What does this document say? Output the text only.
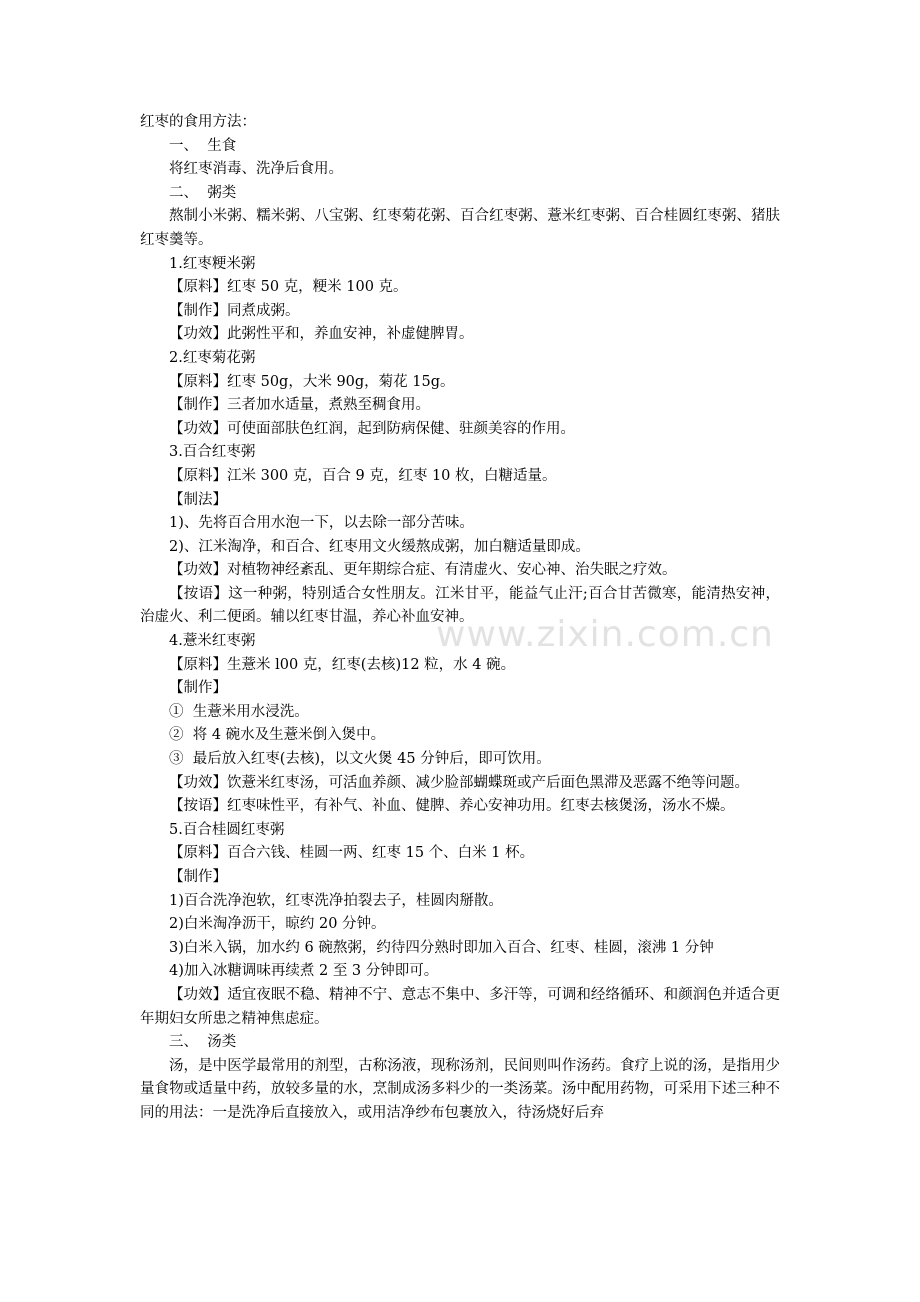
红枣的食用方法：
一、  生食
将红枣消毒、洗净后食用。
二、  粥类
熬制小米粥、糯米粥、八宝粥、红枣菊花粥、百合红枣粥、薏米红枣粥、百合桂圆红枣粥、猪肤红枣羹等。
1.红枣粳米粥
【原料】红枣 50 克，粳米 100 克。
【制作】同煮成粥。
【功效】此粥性平和，养血安神，补虚健脾胃。
2.红枣菊花粥
【原料】红枣 50g，大米 90g，菊花 15g。
【制作】三者加水适量，煮熟至稠食用。
【功效】可使面部肤色红润，起到防病保健、驻颜美容的作用。
3.百合红枣粥
【原料】江米 300 克，百合 9 克，红枣 10 枚，白糖适量。
【制法】
1)、先将百合用水泡一下，以去除一部分苦味。
2)、江米淘净，和百合、红枣用文火缓熬成粥，加白糖适量即成。
【功效】对植物神经紊乱、更年期综合症、有清虚火、安心神、治失眠之疗效。
【按语】这一种粥，特别适合女性朋友。江米甘平，能益气止汗;百合甘苦微寒，能清热安神，治虚火、利二便函。辅以红枣甘温，养心补血安神。
4.薏米红枣粥
【原料】生薏米 l00 克，红枣(去核)12 粒，水 4 碗。
【制作】
①  生薏米用水浸洗。
②  将 4 碗水及生薏米倒入煲中。
③  最后放入红枣(去核)，以文火煲 45 分钟后，即可饮用。
【功效】饮薏米红枣汤，可活血养颜、减少脸部蝴蝶斑或产后面色黑滞及恶露不绝等问题。
【按语】红枣味性平，有补气、补血、健脾、养心安神功用。红枣去核煲汤，汤水不燥。
5.百合桂圆红枣粥
【原料】百合六钱、桂圆一两、红枣 15 个、白米 1 杯。
【制作】
1)百合洗净泡软，红枣洗净拍裂去子，桂圆肉掰散。
2)白米淘净沥干，晾约 20 分钟。
3)白米入锅，加水约 6 碗熬粥，约待四分熟时即加入百合、红枣、桂圆，滚沸 1 分钟
4)加入冰糖调味再续煮 2 至 3 分钟即可。
【功效】适宜夜眠不稳、精神不宁、意志不集中、多汗等，可调和经络循环、和颜润色并适合更年期妇女所患之精神焦虑症。
三、  汤类
汤，是中医学最常用的剂型，古称汤液，现称汤剂，民间则叫作汤药。食疗上说的汤，是指用少量食物或适量中药，放较多量的水，烹制成汤多料少的一类汤菜。汤中配用药物，可采用下述三种不同的用法：一是洗净后直接放入，或用洁净纱布包裹放入，待汤烧好后弃
www.zixin.com.cn
